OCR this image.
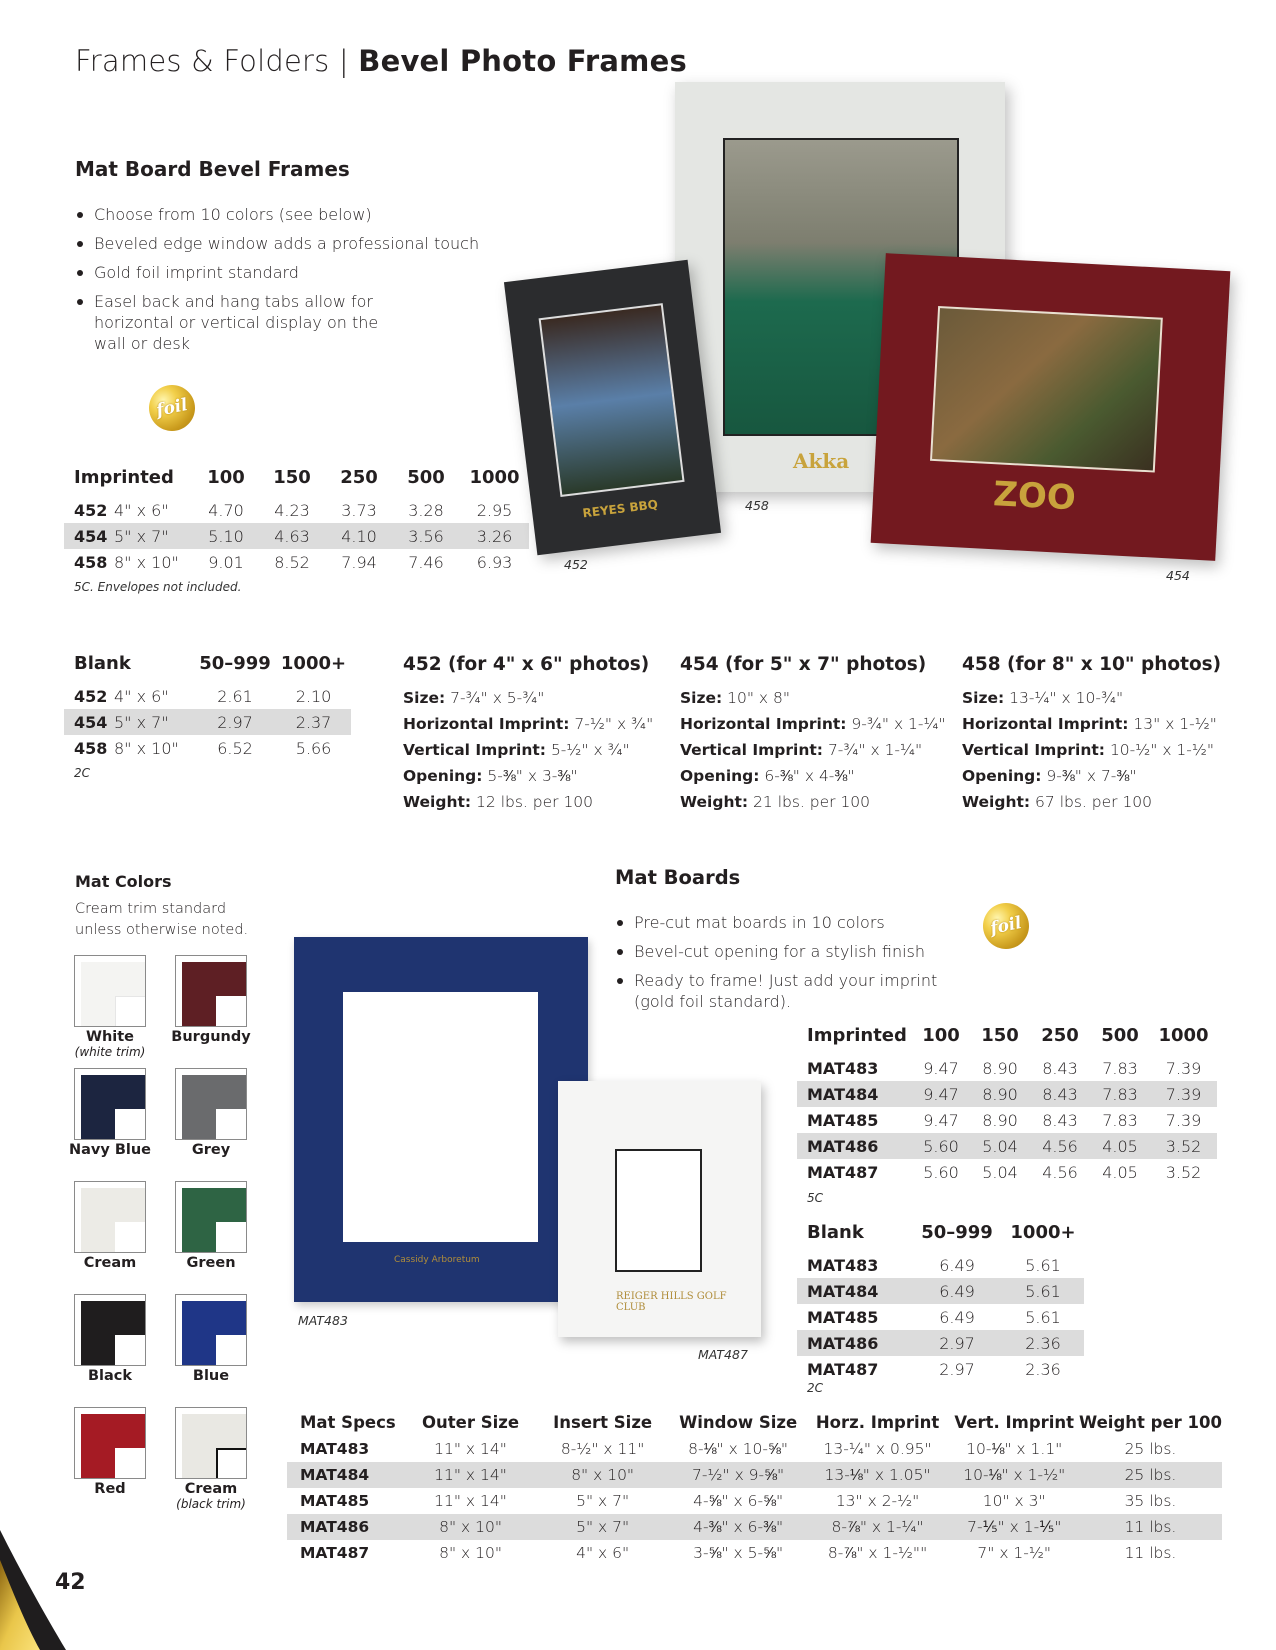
Frames & Folders | Bevel Photo Frames
Mat Board Bevel Frames
Choose from 10 colors (see below)
Beveled edge window adds a professional touch
Gold foil imprint standard
Easel back and hang tabs allow for horizontal or vertical display on the wall or desk
foil
Imprinted		100	150	250	500	1000
452	4" x 6"	4.70	4.23	3.73	3.28	2.95
454	5" x 7"	5.10	4.63	4.10	3.56	3.26
458	8" x 10"	9.01	8.52	7.94	7.46	6.93
5C. Envelopes not included.
Akka
REYES BBQ	ZOO
458
452
454
Blank		50–999	1000+
452	4" x 6"	2.61	2.10
454	5" x 7"	2.97	2.37
458	8" x 10"	6.52	5.66
2C
452 (for 4" x 6" photos)

Size: 7-¾" x 5-¾"

Horizontal Imprint: 7-½" x ¾"

Vertical Imprint: 5-½" x ¾"

Opening: 5-⅜" x 3-⅜"

Weight: 12 lbs. per 100

454 (for 5" x 7" photos)

Size: 10" x 8"

Horizontal Imprint: 9-¾" x 1-¼"

Vertical Imprint: 7-¾" x 1-¼"

Opening: 6-⅜" x 4-⅜"

Weight: 21 lbs. per 100

458 (for 8" x 10" photos)

Size: 13-¼" x 10-¾"

Horizontal Imprint: 13" x 1-½"

Vertical Imprint: 10-½" x 1-½"

Opening: 9-⅜" x 7-⅜"

Weight: 67 lbs. per 100

Mat Colors
Cream trim standard unless otherwise noted.
White
(white trim)
Burgundy
Navy Blue	Grey
Cream	Green
Black	Blue
Red	Cream
(black trim)
Cassidy Arboretum
REIGER HILLS GOLF CLUB
MAT483
MAT487
Mat Boards
Pre-cut mat boards in 10 colors
Bevel-cut opening for a stylish finish
Ready to frame! Just add your imprint (gold foil standard).
foil
Imprinted	100	150	250	500	1000
MAT483	9.47	8.90	8.43	7.83	7.39
MAT484	9.47	8.90	8.43	7.83	7.39
MAT485	9.47	8.90	8.43	7.83	7.39
MAT486	5.60	5.04	4.56	4.05	3.52
MAT487	5.60	5.04	4.56	4.05	3.52
5C
Blank	50–999	1000+
MAT483	6.49	5.61
MAT484	6.49	5.61
MAT485	6.49	5.61
MAT486	2.97	2.36
MAT487	2.97	2.36
2C
Mat Specs	Outer Size	Insert Size	Window Size	Horz. Imprint	Vert. Imprint	Weight per 100
MAT483	11" x 14"	8-½" x 11"	8-⅛" x 10-⅝"	13-¼" x 0.95"	10-⅛" x 1.1"	25 lbs.
MAT484	11" x 14"	8" x 10"	7-½" x 9-⅝"	13-⅛" x 1.05"	10-⅛" x 1-½"	25 lbs.
MAT485	11" x 14"	5" x 7"	4-⅝" x 6-⅝"	13" x 2-½"	10" x 3"	35 lbs.
MAT486	8" x 10"	5" x 7"	4-⅜" x 6-⅜"	8-⅞" x 1-¼"	7-⅕" x 1-⅕"	11 lbs.
MAT487	8" x 10"	4" x 6"	3-⅝" x 5-⅝"	8-⅞" x 1-½""	7" x 1-½"	11 lbs.
42
